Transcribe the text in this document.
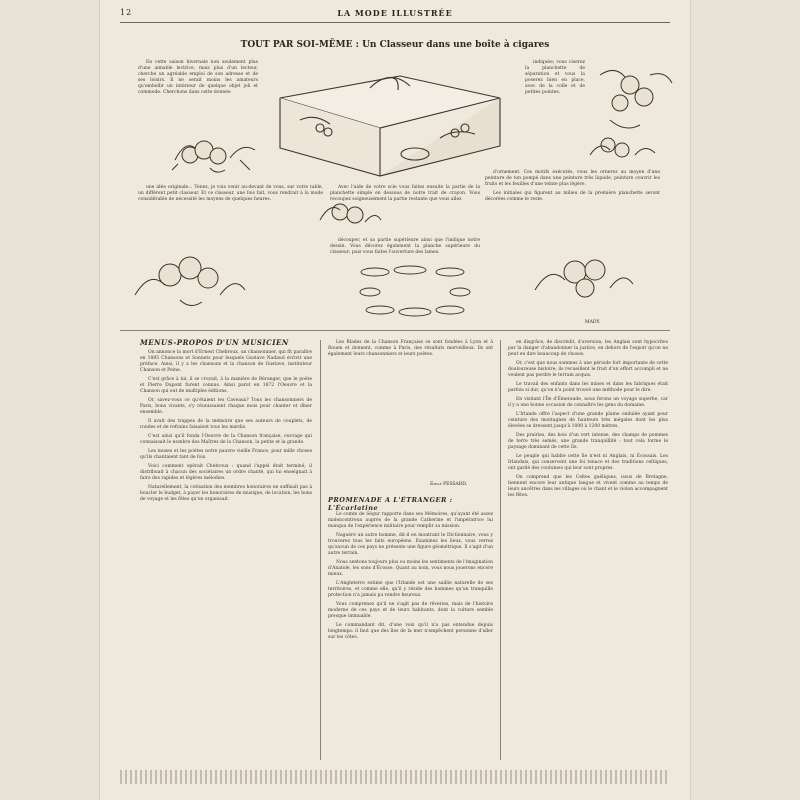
12	LA MODE ILLUSTRÉE
TOUT PAR SOI-MÊME : Un Classeur dans une boîte à cigares

En cette saison hivernale non seulement plus d'une aimable lectrice, mais plus d'un lecteur, cherche un agréable emploi de son adresse et de ses loisirs. Il ne serait moins les amateurs qu'embellir un intérieur de quelque objet joli et commode. Cherchons dans cette donnée

une idée originale... Tenez, je vois venir au-devant de vous, sur votre table, un différent petit classeur. Et ce classeur, une fois fait, vous rendrait à la mode considérable de nécessité les moyens de quelques heures.

Avec l'aide de votre scie vous faites ensuite la partie de la planchette simple en dessous de notre trait de crayon. Vous recoupez soigneusement la partie restante que vous allez

découper, et sa partie supérieure ainsi que l'indique notre dessin. Vous décorez également la planche supérieure du classeur; puis vous faites l'ouverture des lames.

indiquée; vous ciserez la planchette de séparation et vous la poserez bien en place, avec de la colle et de petites pointes.

d'ornement. Ces motifs exécutés, vous les ornerez au moyen d'une peinture de ton pompé dans une peinture très liquide, peinture couvrir les fruits et les feuilles d'une teinte plus légère.

Les initiales qui figurent au milieu de la première planchette seront décorées comme le reste.

MADY.
MENUS-PROPOS D'UN MUSICIEN

On annonce la mort d'Ernest Chebroux, un chansonnier, qui fit paraître en 1885 Chansons et Sonnets pour lesquels Gustave Nadaud écrivit une préface. Ainsi, il y a les chansons et la chanson de Gustave, instituteur Chanson et Peine.

C'est grâce à lui, il se croyait, à la manière de Béranger, que le poète et Pierre Dupont furent connus. Ainsi parut en 1872 l'Oeuvre et la Chanson qui eut de multiples éditions.

Or, savez-vous ce qu'étaient les Caveaux? Tous les chansonniers de Paris, bons vivants, s'y réunissaient chaque mois pour chanter et dîner ensemble.

Il avait des trappes de la mémoire que ses auteurs de couplets, de rondes et de refrains faisaient tous les mardis.

C'est ainsi qu'il fonda l'Oeuvre de la Chanson française, ouvrage qui connaissait le nombre des Maîtres de la Chanson, la petite et la grande.

Les muses et les poètes notre pauvre vieille France, pour mille choses qu'ils chantaient tant de fois.

Voici comment opérait Chebroux : quand l'appel était terminé, il distribuait à chacun des sociétaires un ordre chanté, qui lui enseignait à faire des rapides et légères mélodies.

Naturellement, la cotisation des membres honoraires ne suffisait pas à boucler le budget, à payer les honoraires de musique, de location, les bons de voyage et les fêtes qu'on organisait.

Les Blades de la Chanson Française se sont fondées à Lyon et à Rouen et donnent, comme à Paris, des résultats merveilleux. Ils ont également leurs chansonniers et leurs poètes.

Emile PESSARD.
PROMENADE A L'ÉTRANGER : L'Écarlatine

Le comte de Ségur rapporte dans ses Mémoires, qu'ayant été assez malencontreux auprès de la grande Catherine et l'impératrice lui manqua de l'expérience militaire pour remplir sa mission.

Naguère un autre homme, dit-il en montrant le Dictionnaire, vous y trouverez tous les faits européens. Examinez les lieux, vous verrez qu'aucun de ces pays ne présente une figure géométrique. Il s'agit d'un autre terrain.

Nous sentons toujours plus ou moins les sentiments de l'imagination d'Anatole, les sons d'Écosse. Quant au nom, vous nous jouerons encore mieux.

L'Angleterre estime que l'Irlande est une saillie naturelle de ses territoires, et comme elle, qu'il y réside des hommes qu'un tranquille protection n'a jamais pu rendre heureux.

Vous comprenez qu'il ne s'agit pas de rêveries, mais de l'histoire moderne de ces pays et de leurs habitants, dont la culture semble presque immuable.

Le commandant dit, d'une voix qu'il n'a pas entendue depuis longtemps: il faut que des îles de la mer n'empêchent personne d'aller sur les côtes.

en disgrâce, de discrédit, d'aversion; les Anglais sont hypocrites par la danger d'abandonner la justice, en dehors de l'espoir qu'on ne peut en dire beaucoup de choses.

Or, c'est que nous sommes à une période fort importante de cette douloureuse histoire; ils recueillent le fruit d'un effort accompli et ne veulent pas perdre le terrain acquis.

Le travail des enfants dans les mines et dans les fabriques était parfois si dur, qu'on n'a point trouvé une méthode pour le dire.

En visitant l'Île d'Émeraude, nous ferons un voyage superbe, car il y a une bonne occasion de connaître les gens du domaine.

L'Irlande offre l'aspect d'une grande plaine ondulée ayant pour ceinture des montagnes de hauteurs très inégales dont les plus élevées se dressent jusqu'à 1000 à 1200 mètres.

Des prairies, des bois d'un vert intense, des champs de pommes de terre très semés, une grande tranquillité : tout cela forme le paysage dominant de cette île.

Le peuple qui habite cette île n'est ni Anglais, ni Écossais. Les Irlandais, qui conservent une foi tenace et des traditions celtiques, ont gardé des coutumes qui leur sont propres.

On comprend que les Celtes gaéliques, issus de Bretagne, tiennent encore leur antique langue et vivent comme au temps de leurs ancêtres dans les villages où le chant et le violon accompagnent les fêtes.
